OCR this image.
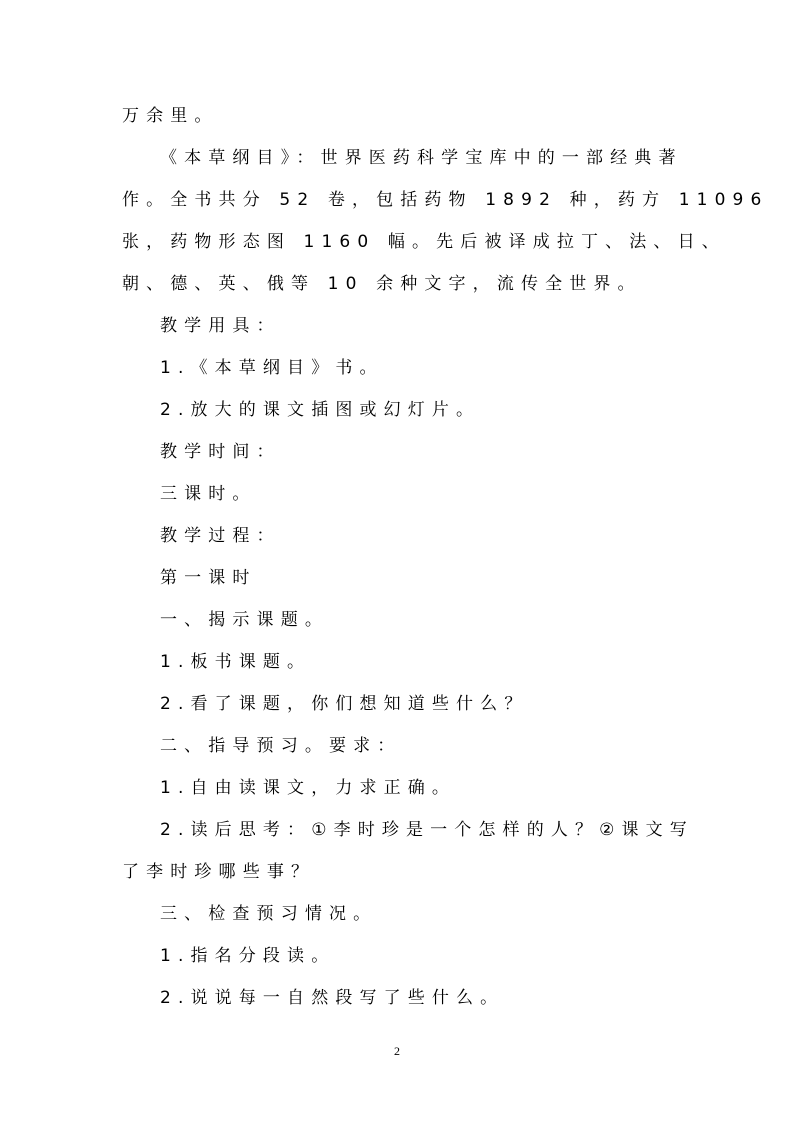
万余里。
《本草纲目》：世界医药科学宝库中的一部经典著
作。全书共分 52 卷，包括药物 1892 种，药方 11096
张，药物形态图 1160 幅。先后被译成拉丁、法、日、
朝、德、英、俄等 10 余种文字，流传全世界。
教学用具：
1.《本草纲目》书。
2.放大的课文插图或幻灯片。
教学时间：
三课时。
教学过程：
第一课时
一、揭示课题。
1.板书课题。
2.看了课题，你们想知道些什么？
二、指导预习。要求：
1.自由读课文，力求正确。
2.读后思考：①李时珍是一个怎样的人？②课文写
了李时珍哪些事？
三、检查预习情况。
1.指名分段读。
2.说说每一自然段写了些什么。
2
